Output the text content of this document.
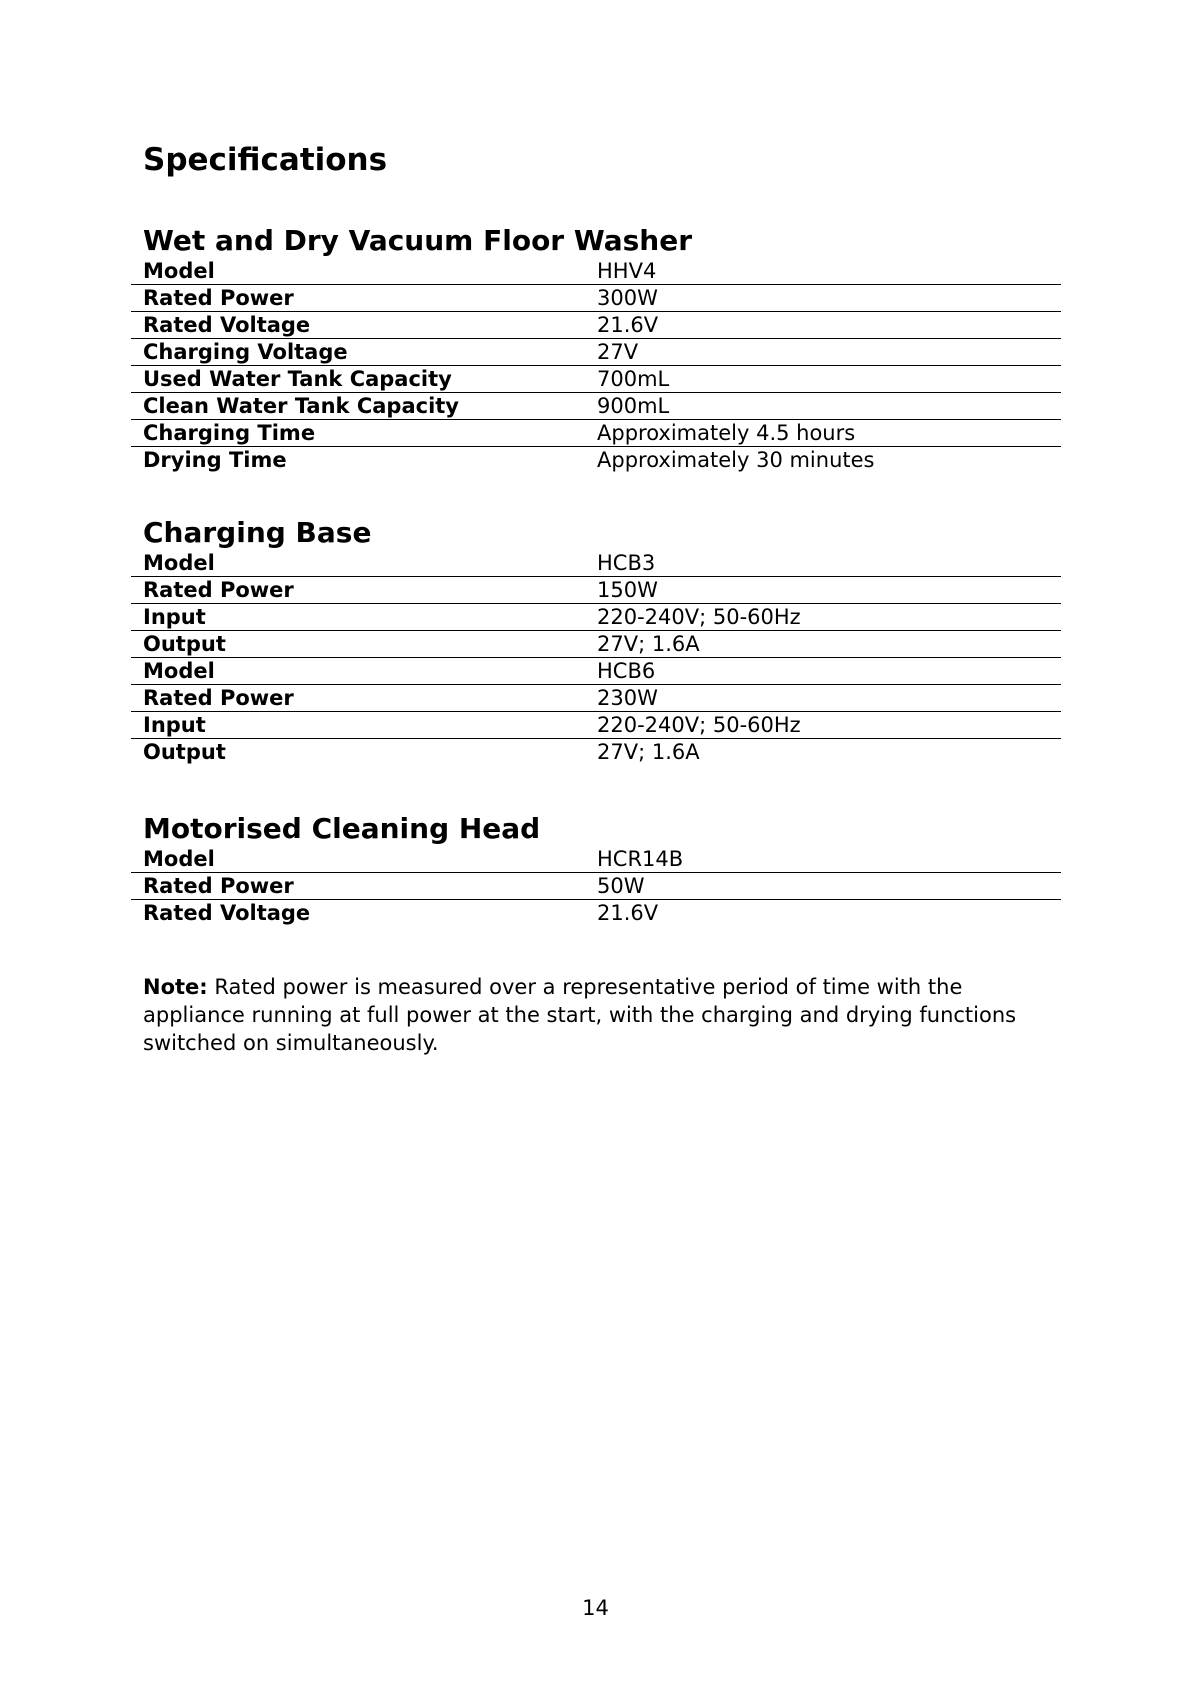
Specifications
Wet and Dry Vacuum Floor Washer
Model	HHV4
Rated Power	300W
Rated Voltage	21.6V
Charging Voltage	27V
Used Water Tank Capacity	700mL
Clean Water Tank Capacity	900mL
Charging Time	Approximately 4.5 hours
Drying Time	Approximately 30 minutes
Charging Base
Model	HCB3
Rated Power	150W
Input	220-240V; 50-60Hz
Output	27V; 1.6A
Model	HCB6
Rated Power	230W
Input	220-240V; 50-60Hz
Output	27V; 1.6A
Motorised Cleaning Head
Model	HCR14B
Rated Power	50W
Rated Voltage	21.6V

Note: Rated power is measured over a representative period of time with the appliance running at full power at the start, with the charging and drying functions switched on simultaneously.

14
